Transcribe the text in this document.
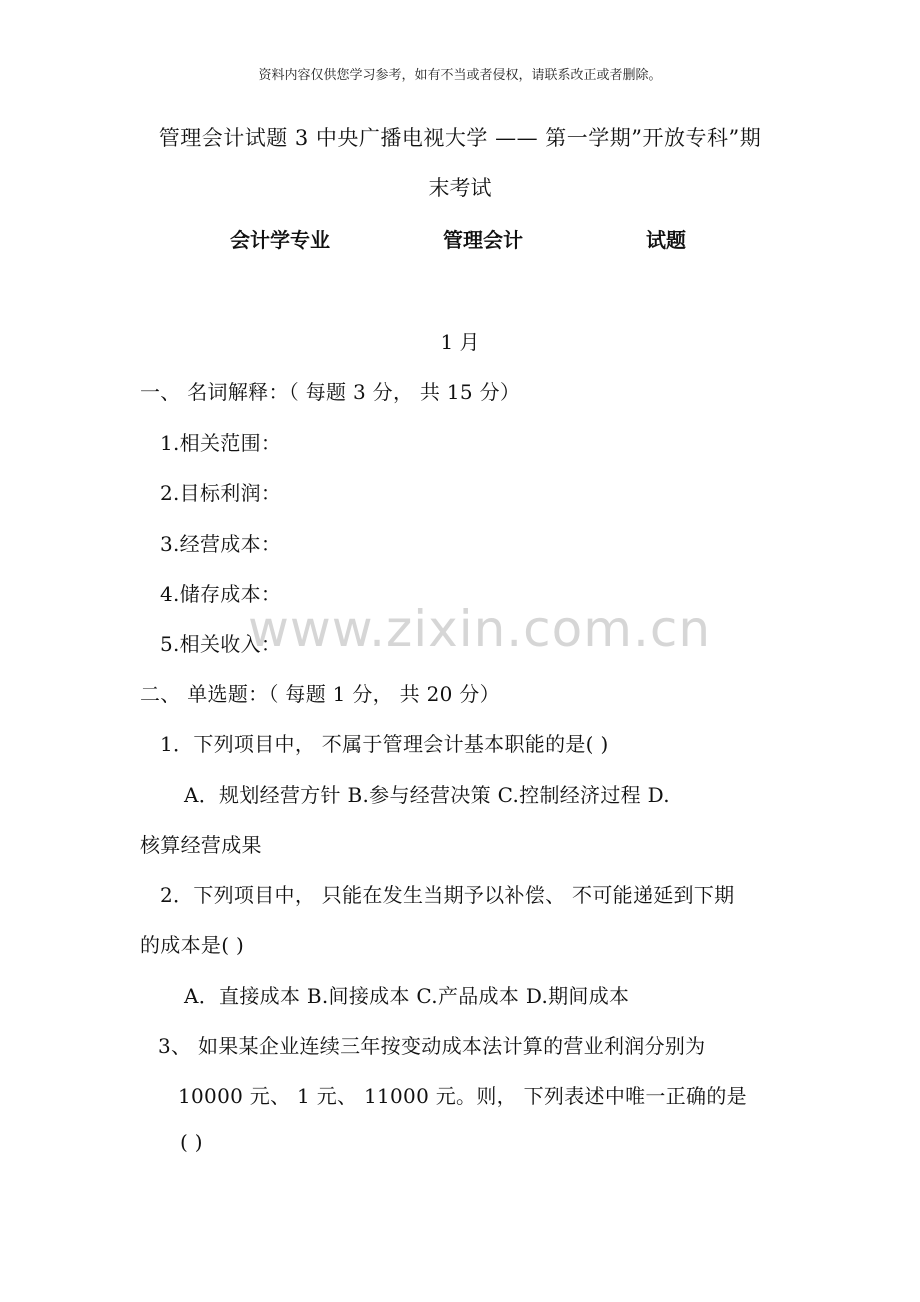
资料内容仅供您学习参考，如有不当或者侵权，请联系改正或者删除。
管理会计试题 3 中央广播电视大学 —— 第一学期”开放专科”期
末考试
会计学专业	管理会计	试题
1 月
一、 名词解释：（ 每题 3 分， 共 15 分）
1.相关范围：
2.目标利润：
3.经营成本：
4.储存成本：
5.相关收入：
www.zixin.com.cn
二、 单选题：（ 每题 1 分， 共 20 分）
1．下列项目中， 不属于管理会计基本职能的是( )
A．规划经营方针 B.参与经营决策 C.控制经济过程 D.
核算经营成果
2．下列项目中， 只能在发生当期予以补偿、 不可能递延到下期
的成本是( )
A．直接成本 B.间接成本 C.产品成本 D.期间成本
3、 如果某企业连续三年按变动成本法计算的营业利润分别为
10000 元、 1 元、 11000 元。则， 下列表述中唯一正确的是
( )
